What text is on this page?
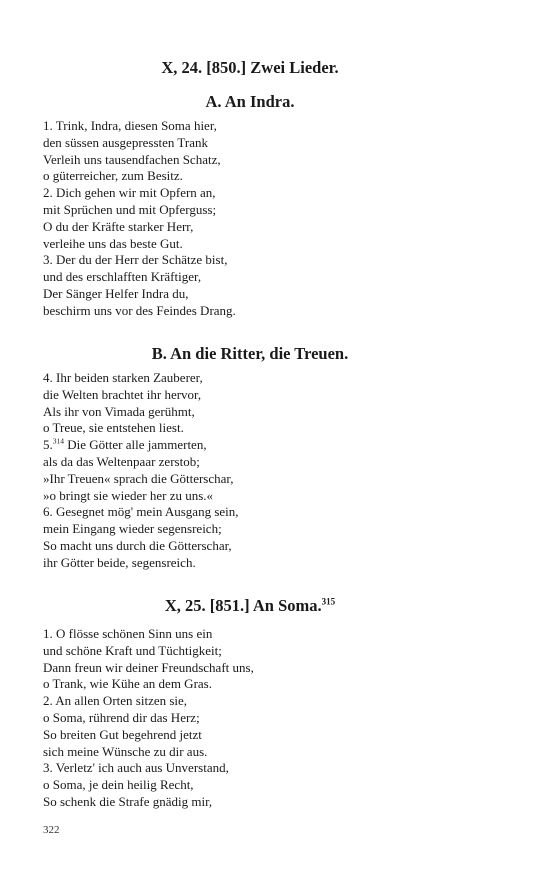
X, 24. [850.] Zwei Lieder.
A. An Indra.
1. Trink, Indra, diesen Soma hier,
den süssen ausgepressten Trank
Verleih uns tausendfachen Schatz,
o güterreicher, zum Besitz.
2. Dich gehen wir mit Opfern an,
mit Sprüchen und mit Opferguss;
O du der Kräfte starker Herr,
verleihe uns das beste Gut.
3. Der du der Herr der Schätze bist,
und des erschlafften Kräftiger,
Der Sänger Helfer Indra du,
beschirm uns vor des Feindes Drang.
B. An die Ritter, die Treuen.
4. Ihr beiden starken Zauberer,
die Welten brachtet ihr hervor,
Als ihr von Vimada gerühmt,
o Treue, sie entstehen liest.
5.$^{314}$ Die Götter alle jammerten,
als da das Weltenpaar zerstob;
»Ihr Treuen« sprach die Götterschar,
»o bringt sie wieder her zu uns.«
6. Gesegnet mög' mein Ausgang sein,
mein Eingang wieder segensreich;
So macht uns durch die Götterschar,
ihr Götter beide, segensreich.
X, 25. [851.] An Soma.$^{315}$
1. O flösse schönen Sinn uns ein
und schöne Kraft und Tüchtigkeit;
Dann freun wir deiner Freundschaft uns,
o Trank, wie Kühe an dem Gras.
2. An allen Orten sitzen sie,
o Soma, rührend dir das Herz;
So breiten Gut begehrend jetzt
sich meine Wünsche zu dir aus.
3. Verletz' ich auch aus Unverstand,
o Soma, je dein heilig Recht,
So schenk die Strafe gnädig mir,
322
